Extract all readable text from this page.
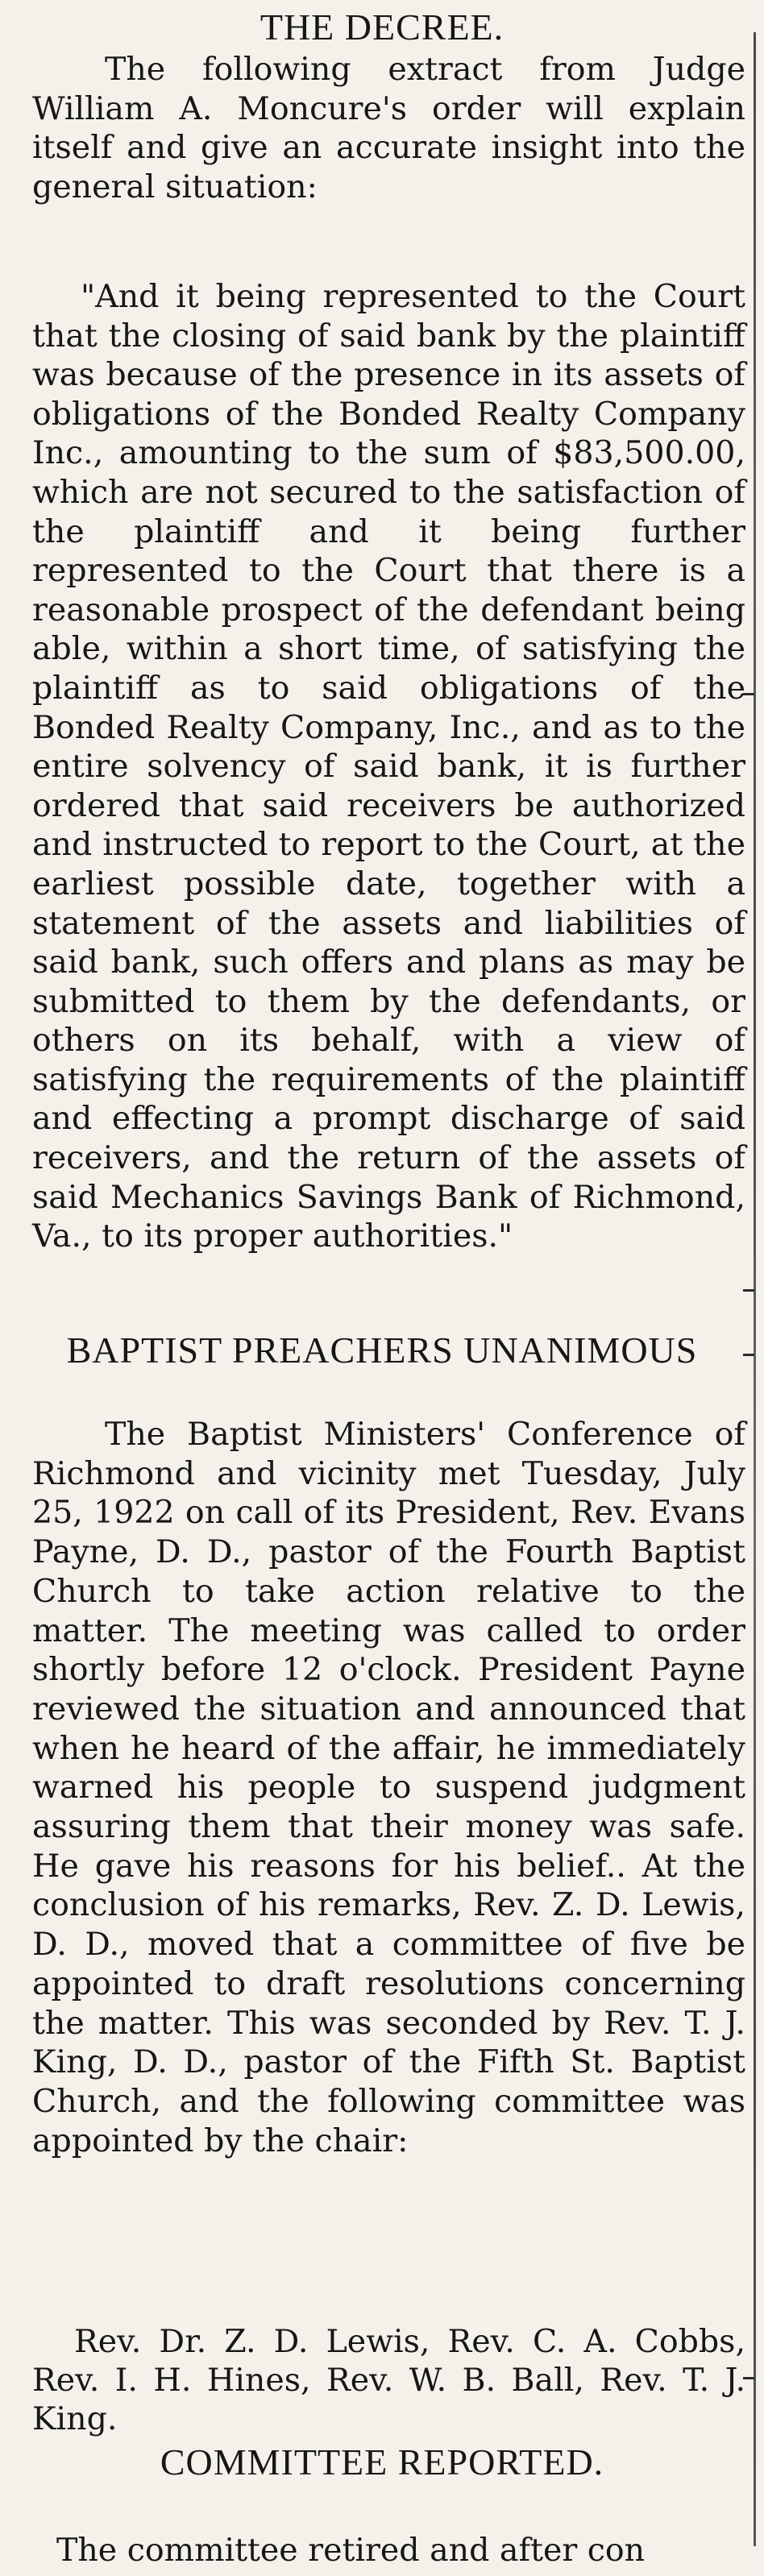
THE DECREE.

The following extract from Judge William A. Moncure's order will explain itself and give an accurate insight into the general situation:

"And it being represented to the Court that the closing of said bank by the plaintiff was because of the presence in its assets of obligations of the Bonded Realty Company Inc., amounting to the sum of $83,500.00, which are not secured to the satisfaction of the plaintiff and it being further represented to the Court that there is a reasonable prospect of the defendant being able, within a short time, of satisfying the plaintiff as to said obligations of the Bonded Realty Company, Inc., and as to the entire solvency of said bank, it is further ordered that said receivers be authorized and instructed to report to the Court, at the earliest possible date, together with a statement of the assets and liabilities of said bank, such offers and plans as may be submitted to them by the defendants, or others on its behalf, with a view of satisfying the requirements of the plaintiff and effecting a prompt discharge of said receivers, and the return of the assets of said Mechanics Savings Bank of Richmond, Va., to its proper authorities."

BAPTIST PREACHERS UNANIMOUS

The Baptist Ministers' Conference of Richmond and vicinity met Tuesday, July 25, 1922 on call of its President, Rev. Evans Payne, D. D., pastor of the Fourth Baptist Church to take action relative to the matter. The meeting was called to order shortly before 12 o'clock. President Payne reviewed the situation and announced that when he heard of the affair, he immediately warned his people to suspend judgment assuring them that their money was safe. He gave his reasons for his belief.. At the conclusion of his remarks, Rev. Z. D. Lewis, D. D., moved that a committee of five be appointed to draft resolutions concerning the matter. This was seconded by Rev. T. J. King, D. D., pastor of the Fifth St. Baptist Church, and the following committee was appointed by the chair:

Rev. Dr. Z. D. Lewis, Rev. C. A. Cobbs, Rev. I. H. Hines, Rev. W. B. Ball, Rev. T. J. King.

COMMITTEE REPORTED.
The committee retired and after con
